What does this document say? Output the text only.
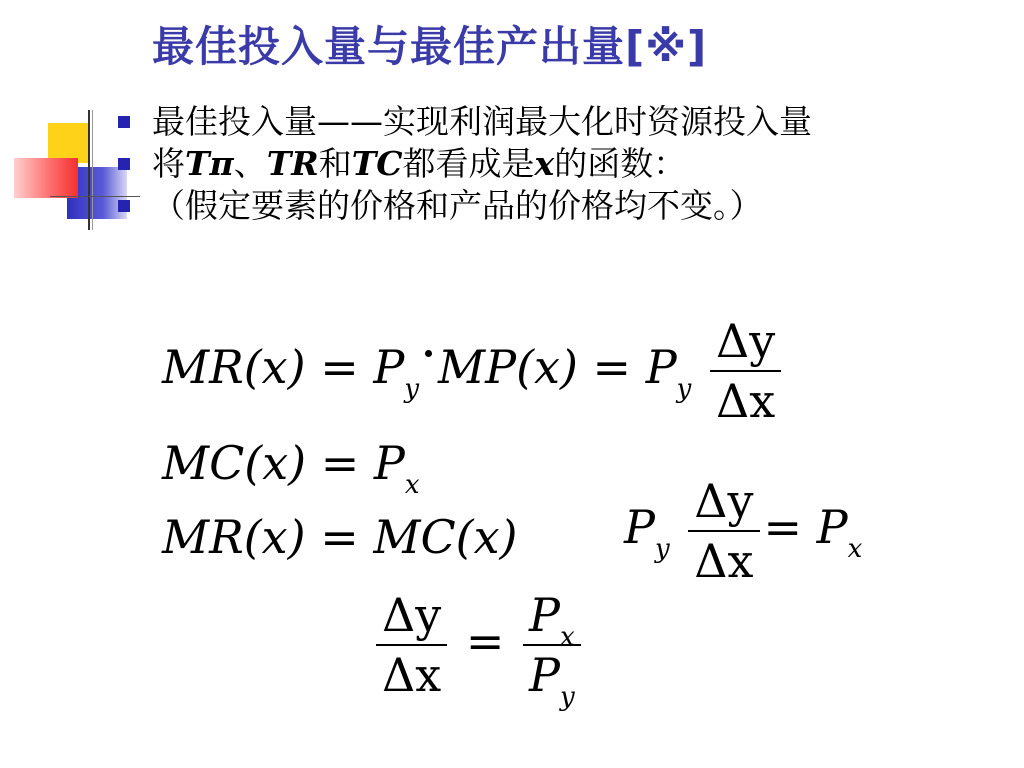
最佳投入量与最佳产出量[※]
最佳投入量——实现利润最大化时资源投入量
将Tπ、TR和TC都看成是x的函数：
（假定要素的价格和产品的价格均不变。）
$MR(x) = P_y$ $MP(x) = P_y \frac{\Delta y}{\Delta x}$
$MC(x) = P_x$
MR(x) = MC(x) $P_y \frac{\Delta y}{\Delta x} = P_x$
$\frac{\Delta y}{\Delta x} = \frac{P_x}{P_y}$
